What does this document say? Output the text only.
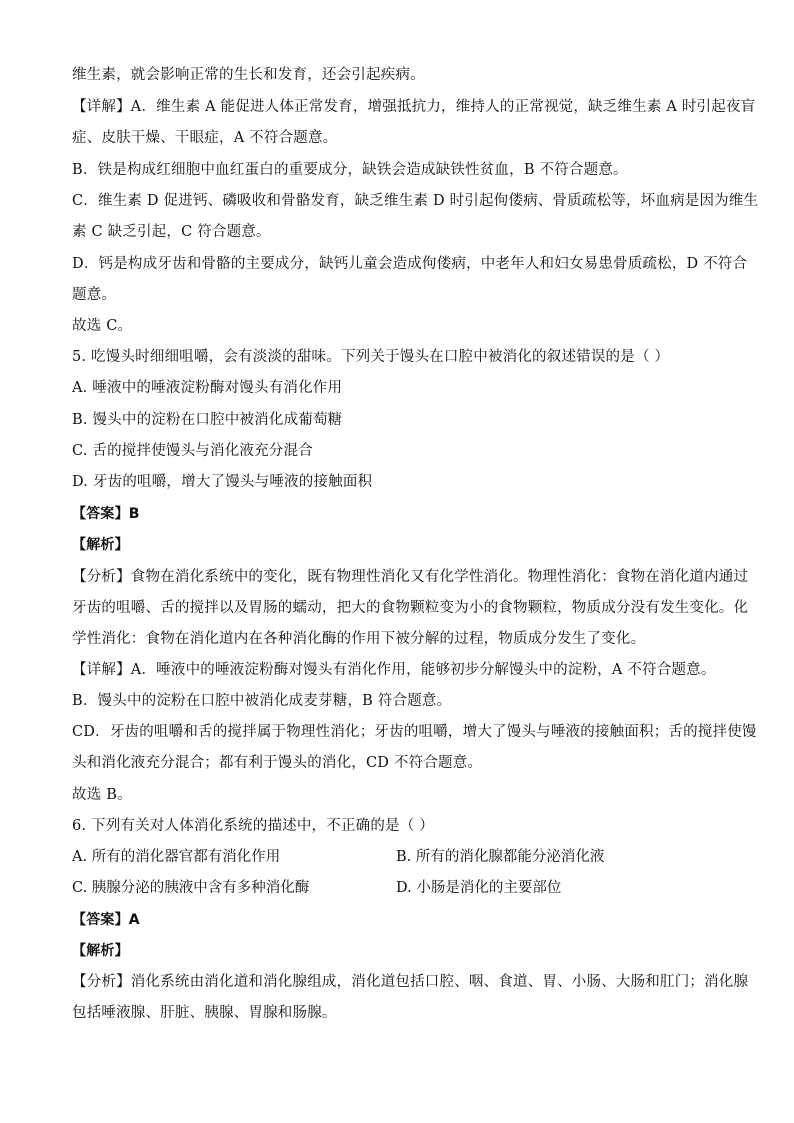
维生素，就会影响正常的生长和发育，还会引起疾病。
【详解】A．维生素 A 能促进人体正常发育，增强抵抗力，维持人的正常视觉，缺乏维生素 A 时引起夜盲
症、皮肤干燥、干眼症，A 不符合题意。
B．铁是构成红细胞中血红蛋白的重要成分，缺铁会造成缺铁性贫血，B 不符合题意。
C．维生素 D 促进钙、磷吸收和骨骼发育，缺乏维生素 D 时引起佝偻病、骨质疏松等，坏血病是因为维生
素 C 缺乏引起，C 符合题意。
D．钙是构成牙齿和骨骼的主要成分，缺钙儿童会造成佝偻病，中老年人和妇女易患骨质疏松，D 不符合
题意。
故选 C。
5. 吃馒头时细细咀嚼，会有淡淡的甜味。下列关于馒头在口腔中被消化的叙述错误的是（ ）
A. 唾液中的唾液淀粉酶对馒头有消化作用
B. 馒头中的淀粉在口腔中被消化成葡萄糖
C. 舌的搅拌使馒头与消化液充分混合
D. 牙齿的咀嚼，增大了馒头与唾液的接触面积
【答案】B
【解析】
【分析】食物在消化系统中的变化，既有物理性消化又有化学性消化。物理性消化：食物在消化道内通过
牙齿的咀嚼、舌的搅拌以及胃肠的蠕动，把大的食物颗粒变为小的食物颗粒，物质成分没有发生变化。化
学性消化：食物在消化道内在各种消化酶的作用下被分解的过程，物质成分发生了变化。
【详解】A．唾液中的唾液淀粉酶对馒头有消化作用，能够初步分解馒头中的淀粉，A 不符合题意。
B．馒头中的淀粉在口腔中被消化成麦芽糖，B 符合题意。
CD．牙齿的咀嚼和舌的搅拌属于物理性消化；牙齿的咀嚼，增大了馒头与唾液的接触面积；舌的搅拌使馒
头和消化液充分混合；都有利于馒头的消化，CD 不符合题意。
故选 B。
6. 下列有关对人体消化系统的描述中，不正确的是（ ）
A. 所有的消化器官都有消化作用	B. 所有的消化腺都能分泌消化液
C. 胰腺分泌的胰液中含有多种消化酶	D. 小肠是消化的主要部位
【答案】A
【解析】
【分析】消化系统由消化道和消化腺组成，消化道包括口腔、咽、食道、胃、小肠、大肠和肛门；消化腺
包括唾液腺、肝脏、胰腺、胃腺和肠腺。
